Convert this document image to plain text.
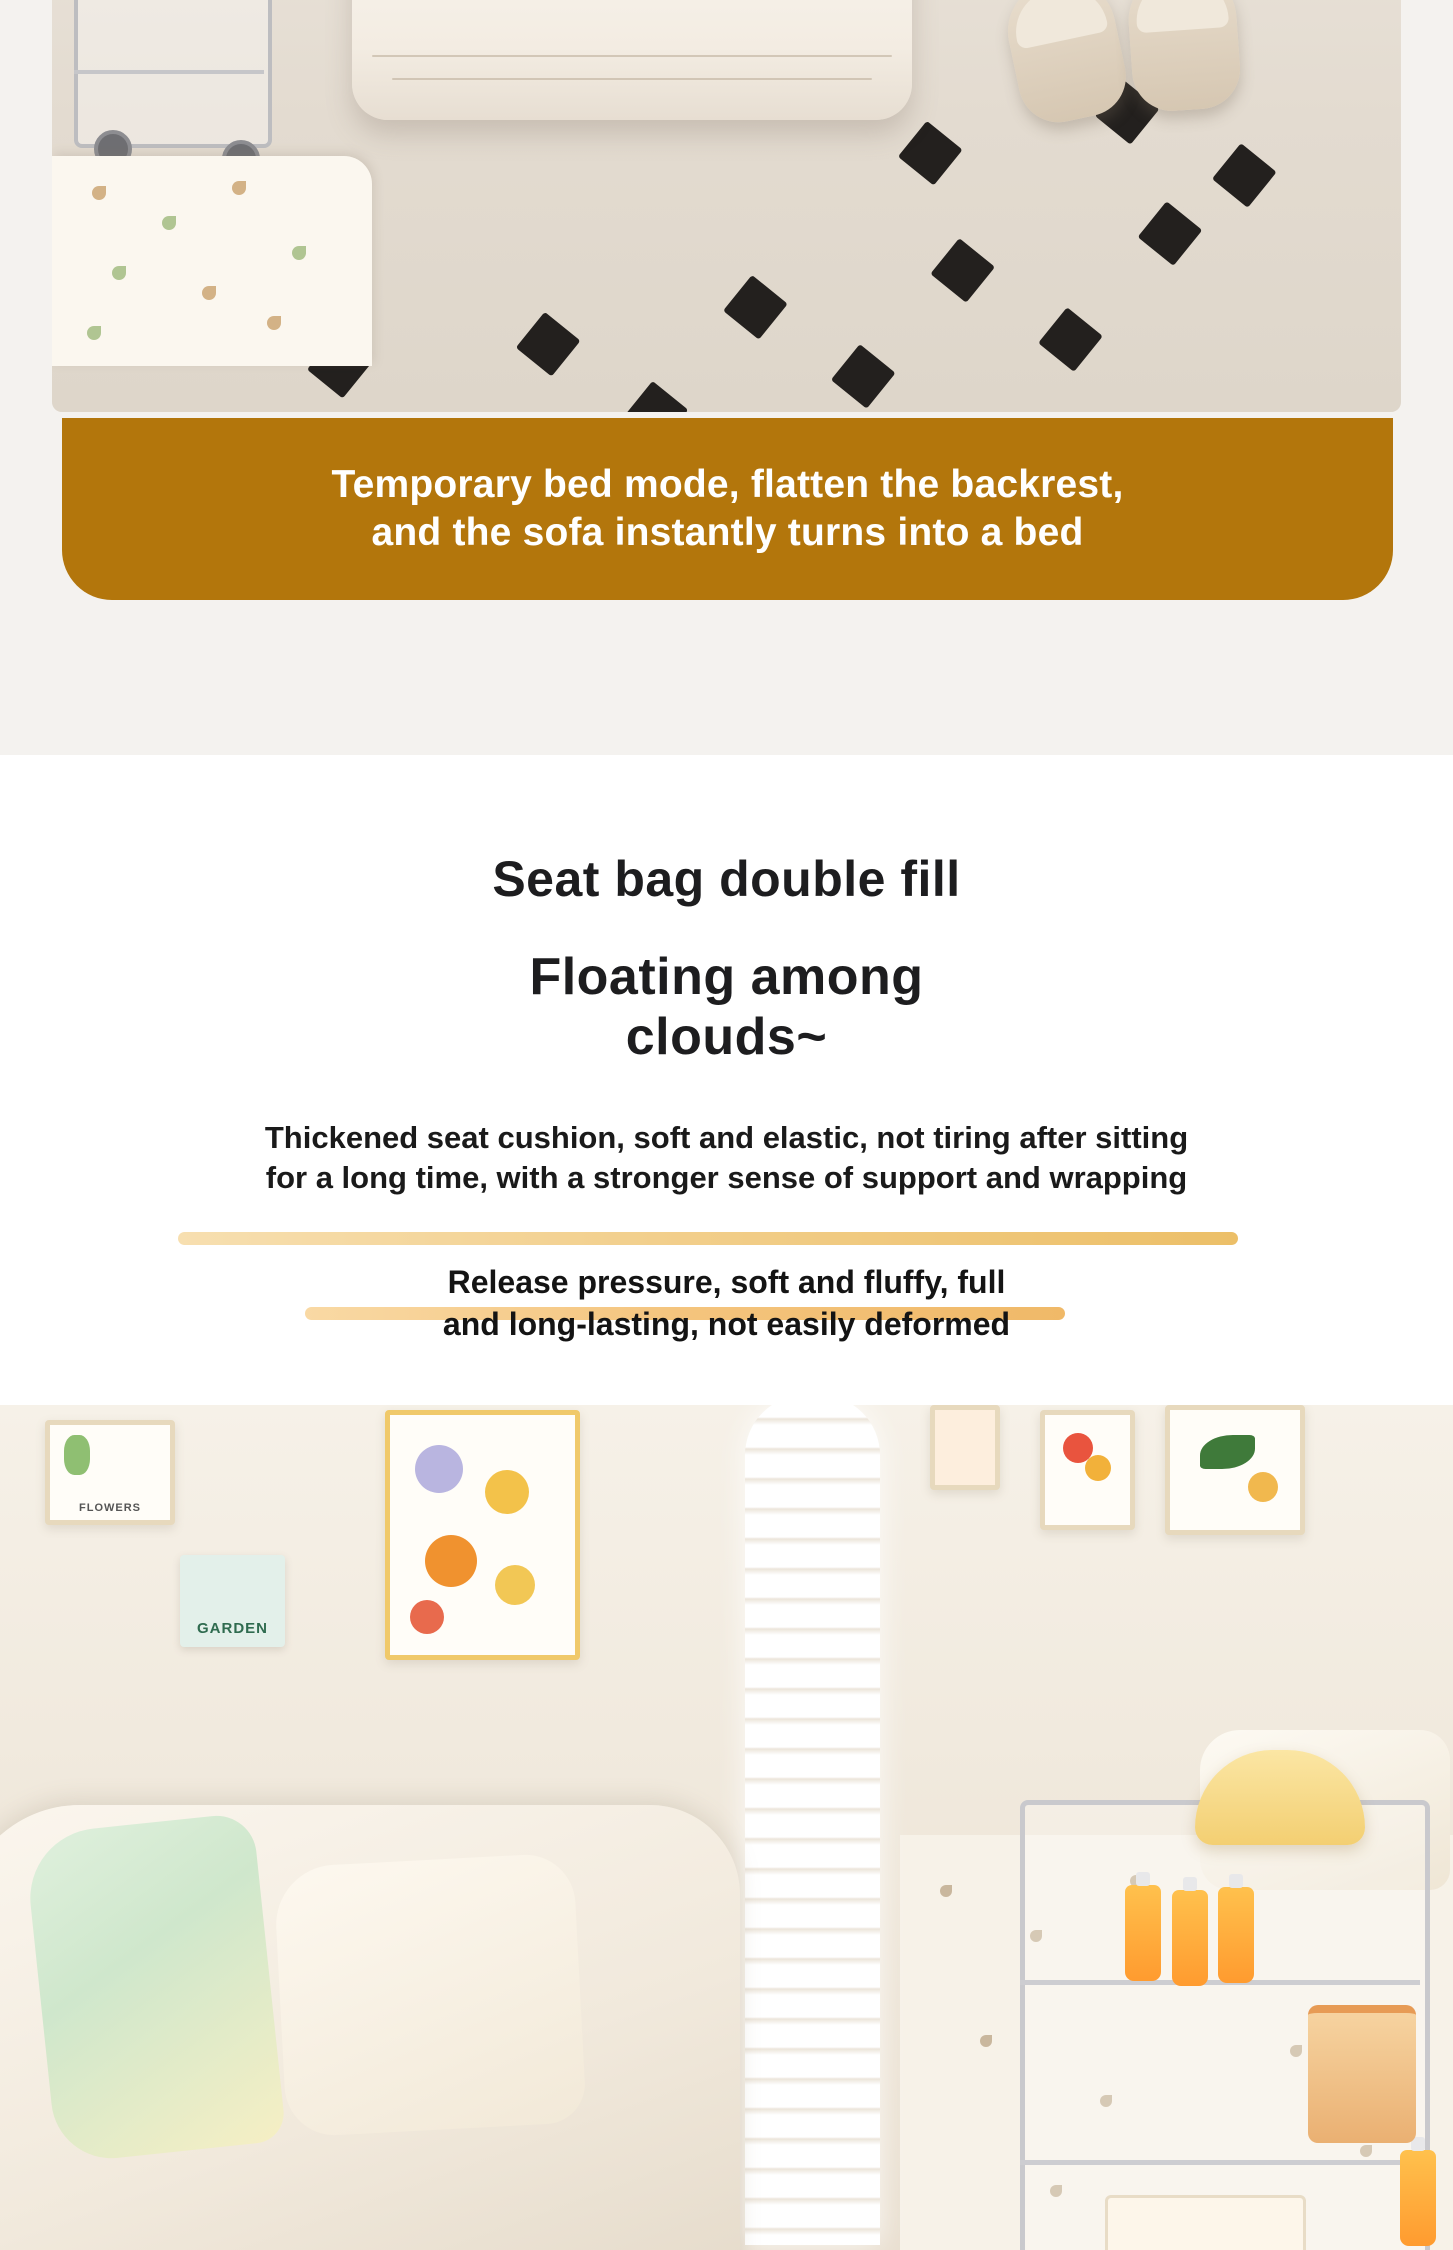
Temporary bed mode, flatten the backrest,
and the sofa instantly turns into a bed
Seat bag double fill
Floating among
clouds~
Thickened seat cushion, soft and elastic, not tiring after sitting
for a long time, with a stronger sense of support and wrapping
Release pressure, soft and fluffy, full
and long-lasting, not easily deformed
FLOWERS
GARDEN
